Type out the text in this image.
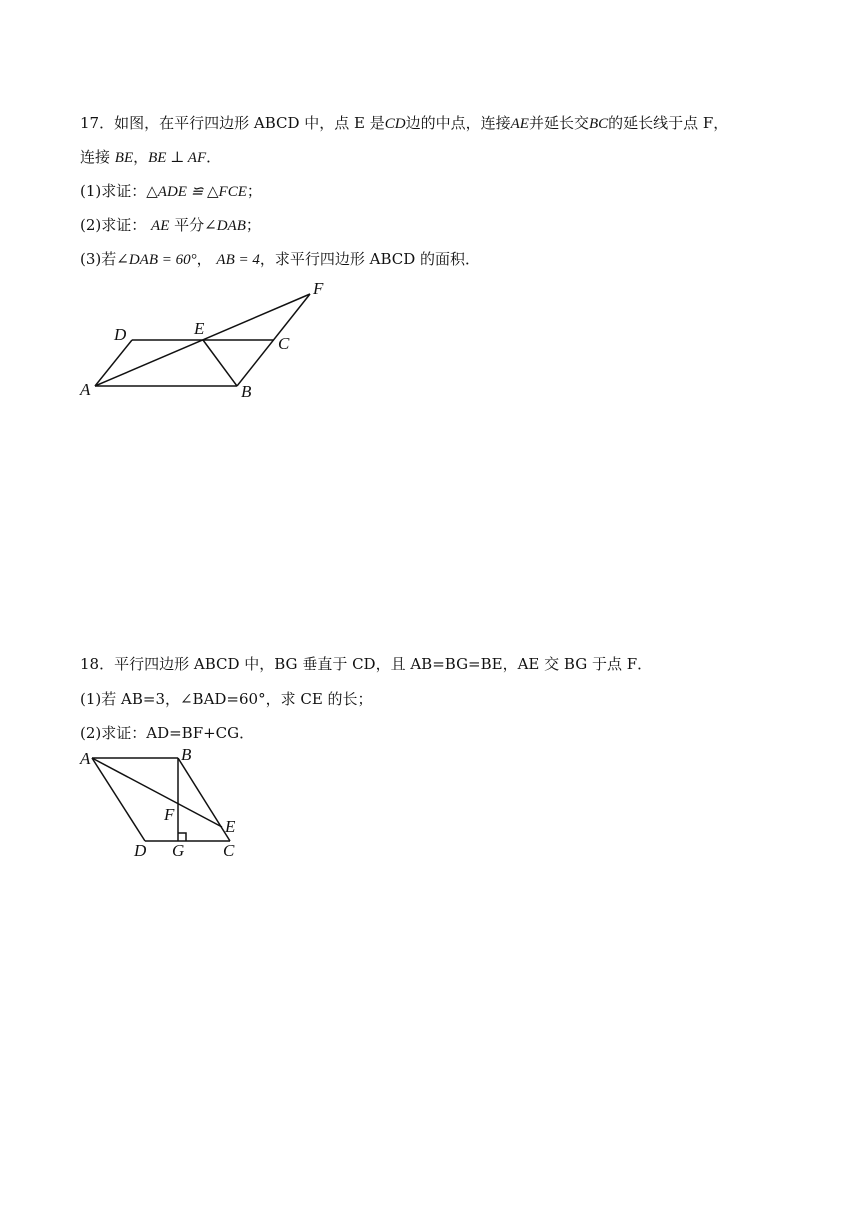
17．如图，在平行四边形 ABCD 中，点 E 是CD边的中点，连接AE并延长交BC的延长线于点 F，
连接 BE，BE ⊥ AF．
(1)求证：△ADE ≌ △FCE；
(2)求证： AE 平分∠DAB；
(3)若∠DAB = 60°， AB = 4，求平行四边形 ABCD 的面积．
A	B
C
D	E
F
18．平行四边形 ABCD 中，BG 垂直于 CD，且 AB=BG=BE，AE 交 BG 于点 F．
(1)若 AB=3，∠BAD=60°，求 CE 的长；
(2)求证：AD=BF+CG．
A	B
C
D
E
F
G
